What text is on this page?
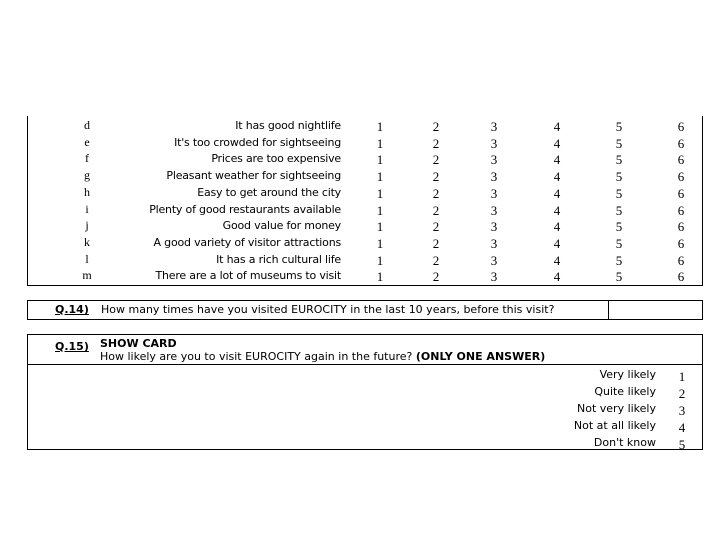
d	It has good nightlife	1	2	3	4	5	6
e	It's too crowded for sightseeing	1	2	3	4	5	6
f	Prices are too expensive	1	2	3	4	5	6
g	Pleasant weather for sightseeing	1	2	3	4	5	6
h	Easy to get around the city	1	2	3	4	5	6
i	Plenty of good restaurants available	1	2	3	4	5	6
j	Good value for money	1	2	3	4	5	6
k	A good variety of visitor attractions	1	2	3	4	5	6
l	It has a rich cultural life	1	2	3	4	5	6
m	There are a lot of museums to visit	1	2	3	4	5	6
Q.14) How many times have you visited EUROCITY in the last 10 years, before this visit?
Q.15) SHOW CARD
How likely are you to visit EUROCITY again in the future? (ONLY ONE ANSWER)
Very likely 1
Quite likely 2
Not very likely 3
Not at all likely 4
Don't know 5
